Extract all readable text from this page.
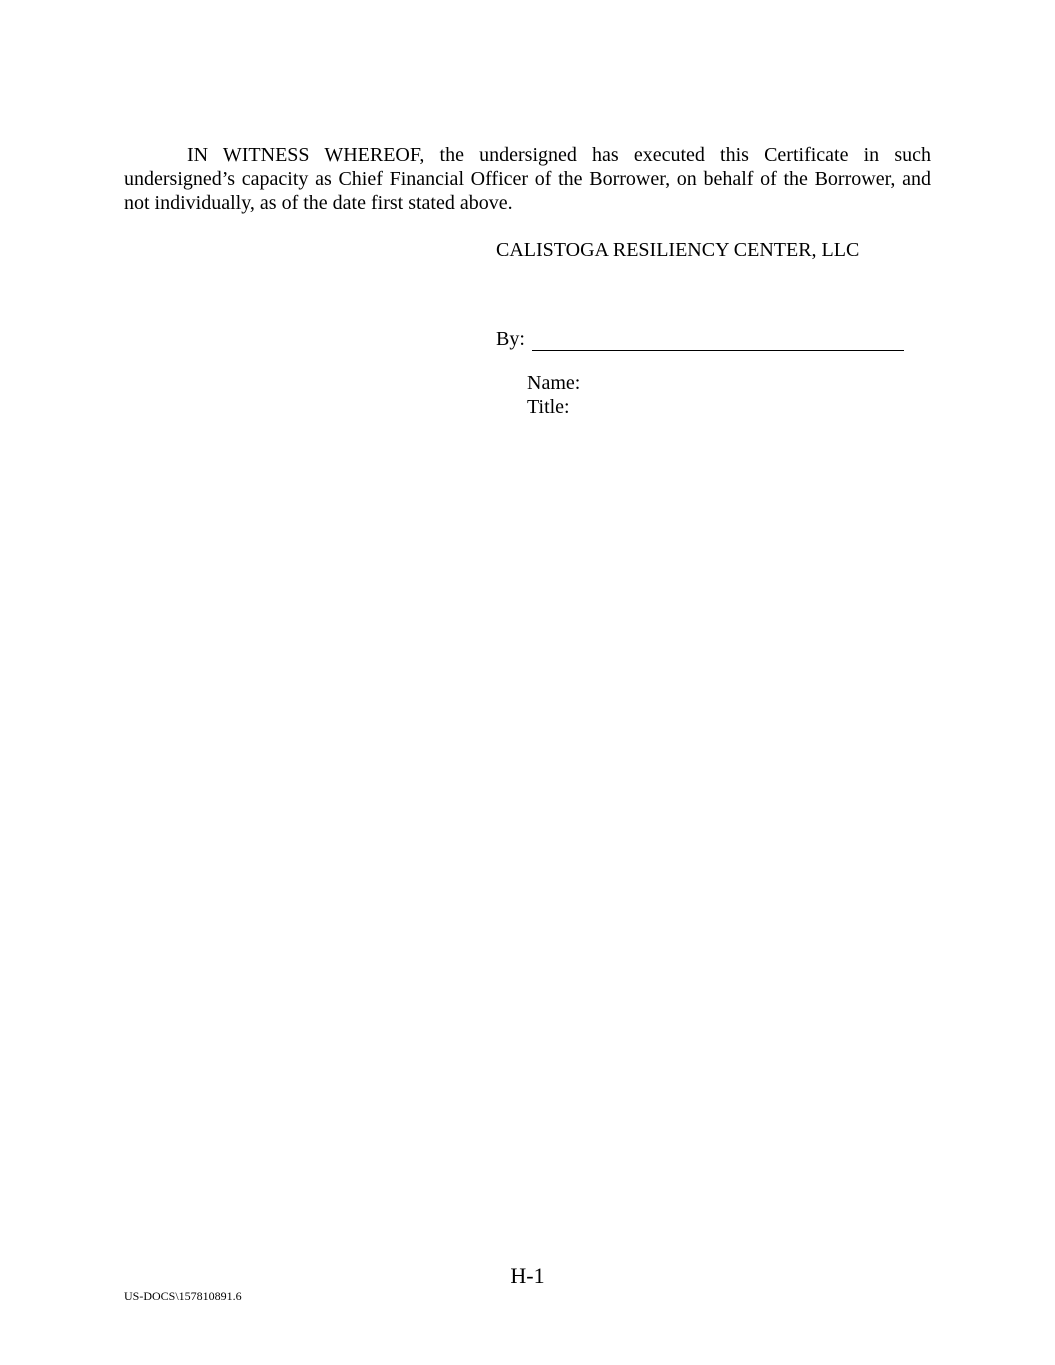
IN WITNESS WHEREOF, the undersigned has executed this Certificate in such undersigned’s capacity as Chief Financial Officer of the Borrower, on behalf of the Borrower, and not individually, as of the date first stated above.

CALISTOGA RESILIENCY CENTER, LLC
By:
Name:
Title:
H-1
US-DOCS\157810891.6
